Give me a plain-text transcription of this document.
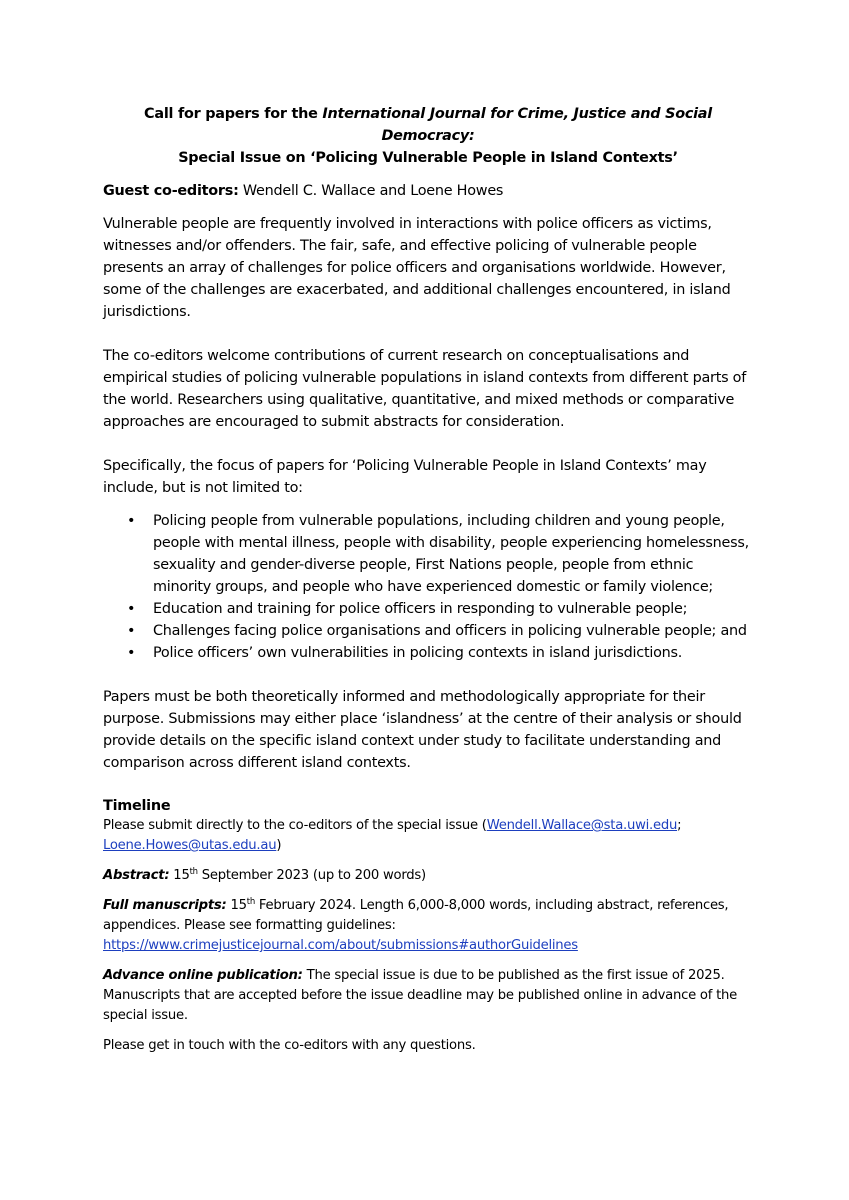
Call for papers for the International Journal for Crime, Justice and Social Democracy:
Special Issue on ‘Policing Vulnerable People in Island Contexts’

Guest co-editors: Wendell C. Wallace and Loene Howes

Vulnerable people are frequently involved in interactions with police officers as victims, witnesses and/or offenders. The fair, safe, and effective policing of vulnerable people presents an array of challenges for police officers and organisations worldwide. However, some of the challenges are exacerbated, and additional challenges encountered, in island jurisdictions.

The co-editors welcome contributions of current research on conceptualisations and empirical studies of policing vulnerable populations in island contexts from different parts of the world. Researchers using qualitative, quantitative, and mixed methods or comparative approaches are encouraged to submit abstracts for consideration.

Specifically, the focus of papers for ‘Policing Vulnerable People in Island Contexts’ may include, but is not limited to:

• Policing people from vulnerable populations, including children and young people, people with mental illness, people with disability, people experiencing homelessness, sexuality and gender-diverse people, First Nations people, people from ethnic minority groups, and people who have experienced domestic or family violence;
• Education and training for police officers in responding to vulnerable people;
• Challenges facing police organisations and officers in policing vulnerable people; and
• Police officers’ own vulnerabilities in policing contexts in island jurisdictions.

Papers must be both theoretically informed and methodologically appropriate for their purpose. Submissions may either place ‘islandness’ at the centre of their analysis or should provide details on the specific island context under study to facilitate understanding and comparison across different island contexts.

Timeline

Please submit directly to the co-editors of the special issue (Wendell.Wallace@sta.uwi.edu;
Loene.Howes@utas.edu.au)

Abstract: 15th September 2023 (up to 200 words)

Full manuscripts: 15th February 2024. Length 6,000-8,000 words, including abstract, references, appendices. Please see formatting guidelines:
https://www.crimejusticejournal.com/about/submissions#authorGuidelines

Advance online publication: The special issue is due to be published as the first issue of 2025. Manuscripts that are accepted before the issue deadline may be published online in advance of the special issue.

Please get in touch with the co-editors with any questions.
